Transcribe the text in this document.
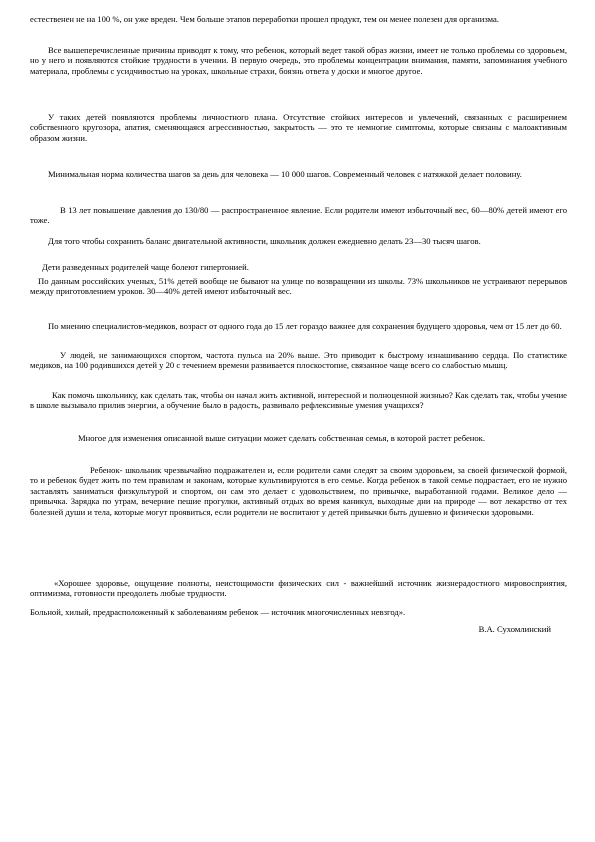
естественен не на 100 %, он уже вреден. Чем больше этапов переработки прошел продукт, тем он менее полезен для организма.

Все вышеперечисленные причины приводят к тому, что ребенок, который ведет такой образ жизни, имеет не только проблемы со здоровьем, но у него и появляются стойкие трудности в учении. В первую очередь, это проблемы концентрации внимания, памяти, запоминания учебного материала, проблемы с усидчивостью на уроках, школьные страхи, боязнь ответа у доски и многое другое.

У таких детей появляются проблемы личностного плана. Отсутствие стойких интересов и увлечений, связанных с расширением собственного кругозора, апатия, сменяющаяся агрессивностью, закрытость — это те немногие симптомы, которые связаны с малоактивным образом жизни.

Минимальная норма количества шагов за день для человека — 10 000 шагов. Современный человек с натяжкой делает половину.

В 13 лет повышение давления до 130/80 — распространенное явление. Если родители имеют избыточный вес, 60—80% детей имеют его тоже.

Для того чтобы сохранить баланс двигательной активности, школьник должен ежедневно делать 23—30 тысяч шагов.

Дети разведенных родителей чаще болеют гипертонией.

По данным российских ученых, 51% детей вообще не бывают на улице по возвращении из школы. 73% школьников не устраивают перерывов между приготовлением уроков. 30—40% детей имеют избыточный вес.

По мнению специалистов-медиков, возраст от одного года до 15 лет гораздо важнее для сохранения будущего здоровья, чем от 15 лет до 60.

У людей, не занимающихся спортом, частота пульса на 20% выше. Это приводит к быстрому изнашиванию сердца. По статистике медиков, на 100 родившихся детей у 20 с течением времени развивается плоскостопие, связанное чаще всего со слабостью мышц.

Как помочь школьнику, как сделать так, чтобы он начал жить активной, интересной и полноценной жизнью? Как сделать так, чтобы учение в школе вызывало прилив энергии, а обучение было в радость, развивало рефлексивные умения учащихся?

Многое для изменения описанной выше ситуации может сделать собственная семья, в которой растет ребенок.

Ребенок- школьник чрезвычайно подражателен и, если родители сами следят за своим здоровьем, за своей физической формой, то и ребенок будет жить по тем правилам и законам, которые культивируются в его семье. Когда ребенок в такой семье подрастает, его не нужно заставлять заниматься физкультурой и спортом, он сам это делает с удовольствием, по привычке, выработанной годами. Великое дело — привычка. Зарядка по утрам, вечерние пешие прогулки, активный отдых во время каникул, выходные дни на природе — вот лекарство от тех болезней души и тела, которые могут проявиться, если родители не воспитают у детей привычки быть душевно и физически здоровыми.

«Хорошее здоровье, ощущение полноты, неистощимости физических сил - важнейший источник жизнерадостного мировосприятия, оптимизма, готовности преодолеть любые трудности.

Больной, хилый, предрасположенный к заболеваниям ребенок — источник многочисленных невзгод».

В.А. Сухомлинский
